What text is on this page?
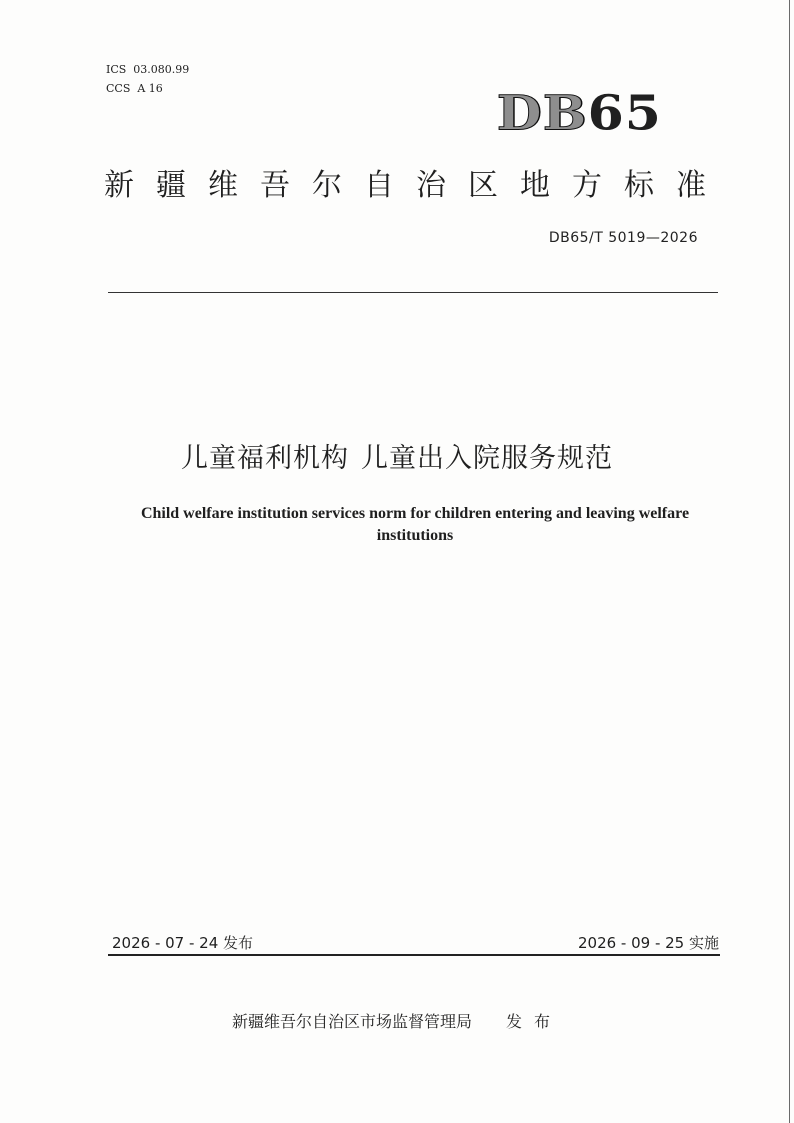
ICS  03.080.99
CCS  A 16	DB65
新疆维吾尔自治区地方标准
DB65/T 5019—2026
儿童福利机构 儿童出入院服务规范
Child welfare institution services norm for children entering and leaving welfare
institutions
2026 - 07 - 24 发布	2026 - 09 - 25 实施
新疆维吾尔自治区市场监督管理局 发布
